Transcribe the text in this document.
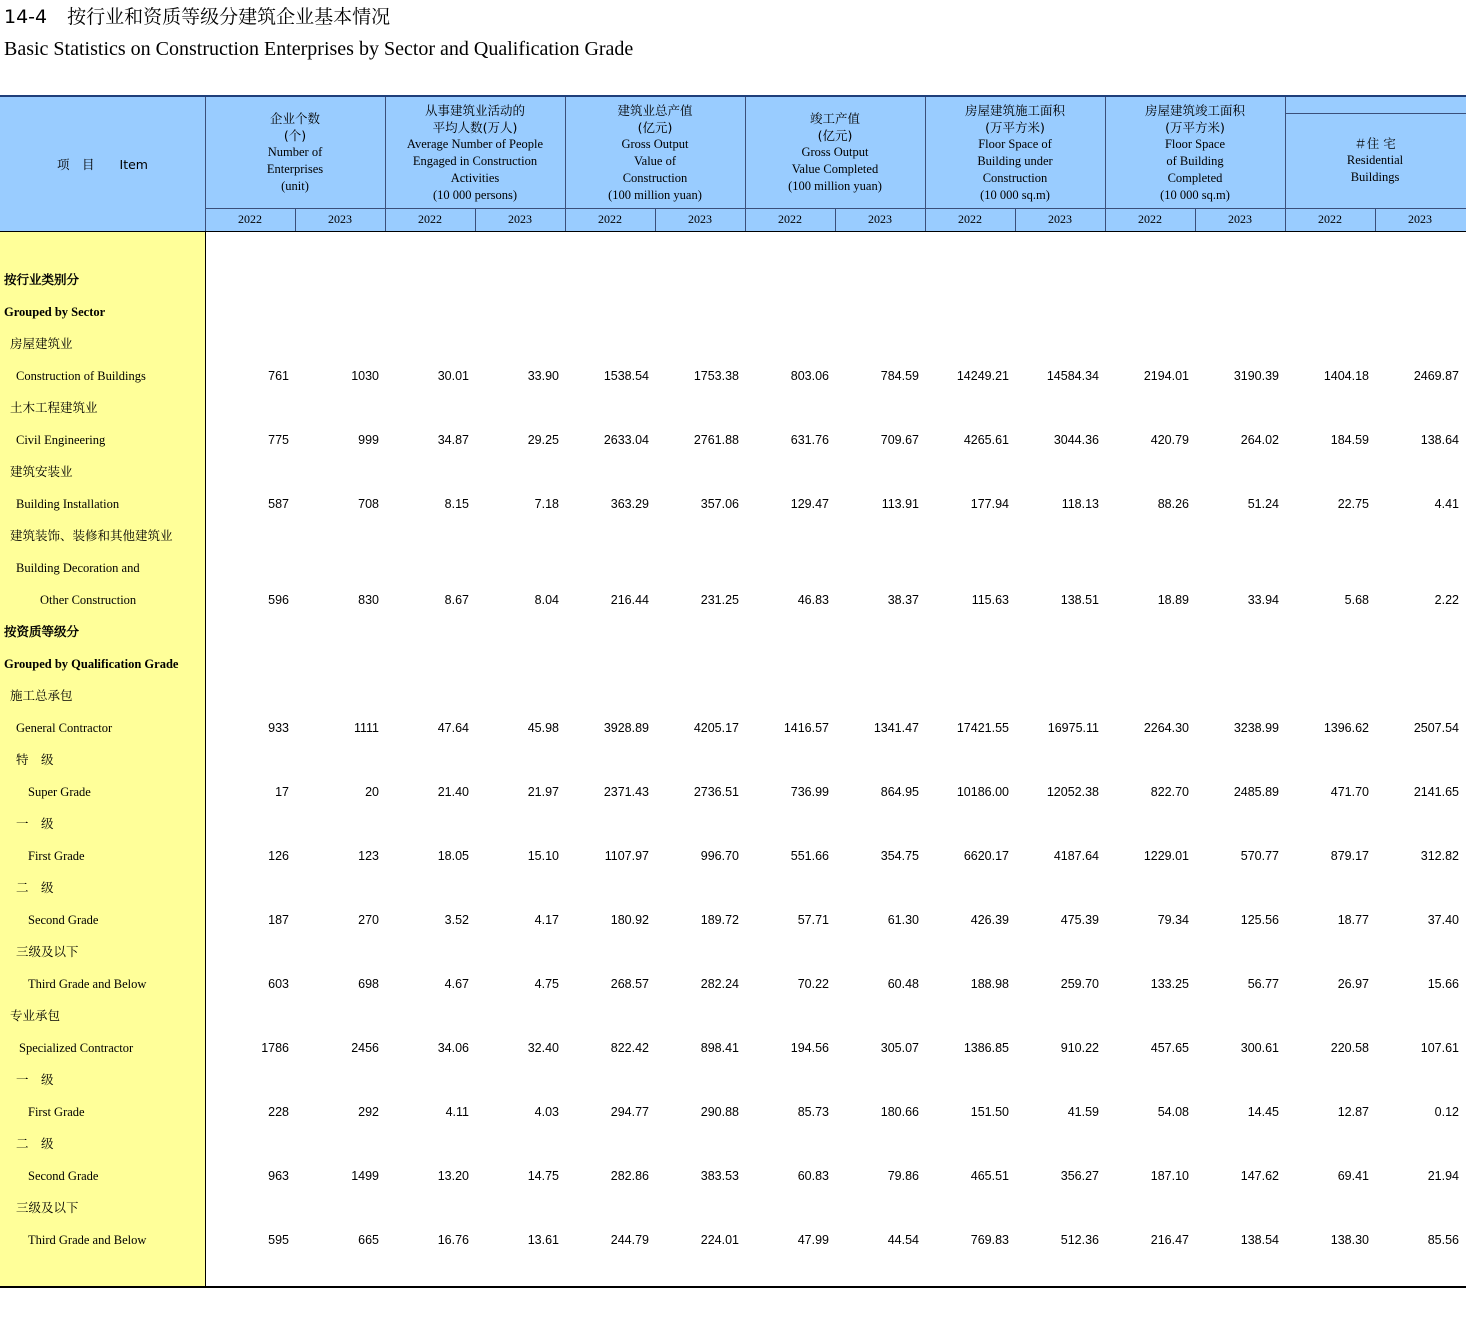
14-4 按行业和资质等级分建筑企业基本情况
Basic Statistics on Construction Enterprises by Sector and Qualification Grade
项　目　　Item
企业个数
(个)
Number of
Enterprises
(unit)
2022	2023
从事建筑业活动的
平均人数(万人)
Average Number of People
Engaged in Construction
Activities
(10 000 persons)
2022	2023
建筑业总产值
(亿元)
Gross Output
Value of
Construction
(100 million yuan)
2022	2023
竣工产值
(亿元)
Gross Output
Value Completed
(100 million yuan)
2022	2023
房屋建筑施工面积
(万平方米)
Floor Space of
Building under
Construction
(10 000 sq.m)
2022	2023
房屋建筑竣工面积
(万平方米)
Floor Space
of Building
Completed
(10 000 sq.m)
2022	2023
＃住 宅
Residential
Buildings
2022	2023
按行业类别分
Grouped by Sector
房屋建筑业
Construction of Buildings	761	1030	30.01	33.90	1538.54	1753.38	803.06	784.59	14249.21	14584.34	2194.01	3190.39	1404.18	2469.87
土木工程建筑业
Civil Engineering	775	999	34.87	29.25	2633.04	2761.88	631.76	709.67	4265.61	3044.36	420.79	264.02	184.59	138.64
建筑安装业
Building Installation	587	708	8.15	7.18	363.29	357.06	129.47	113.91	177.94	118.13	88.26	51.24	22.75	4.41
建筑装饰、装修和其他建筑业
Building Decoration and
Other Construction	596	830	8.67	8.04	216.44	231.25	46.83	38.37	115.63	138.51	18.89	33.94	5.68	2.22
按资质等级分
Grouped by Qualification Grade
施工总承包
General Contractor	933	1111	47.64	45.98	3928.89	4205.17	1416.57	1341.47	17421.55	16975.11	2264.30	3238.99	1396.62	2507.54
特　级
Super Grade	17	20	21.40	21.97	2371.43	2736.51	736.99	864.95	10186.00	12052.38	822.70	2485.89	471.70	2141.65
一　级
First Grade	126	123	18.05	15.10	1107.97	996.70	551.66	354.75	6620.17	4187.64	1229.01	570.77	879.17	312.82
二　级
Second Grade	187	270	3.52	4.17	180.92	189.72	57.71	61.30	426.39	475.39	79.34	125.56	18.77	37.40
三级及以下
Third Grade and Below	603	698	4.67	4.75	268.57	282.24	70.22	60.48	188.98	259.70	133.25	56.77	26.97	15.66
专业承包
Specialized Contractor	1786	2456	34.06	32.40	822.42	898.41	194.56	305.07	1386.85	910.22	457.65	300.61	220.58	107.61
一　级
First Grade	228	292	4.11	4.03	294.77	290.88	85.73	180.66	151.50	41.59	54.08	14.45	12.87	0.12
二　级
Second Grade	963	1499	13.20	14.75	282.86	383.53	60.83	79.86	465.51	356.27	187.10	147.62	69.41	21.94
三级及以下
Third Grade and Below	595	665	16.76	13.61	244.79	224.01	47.99	44.54	769.83	512.36	216.47	138.54	138.30	85.56
